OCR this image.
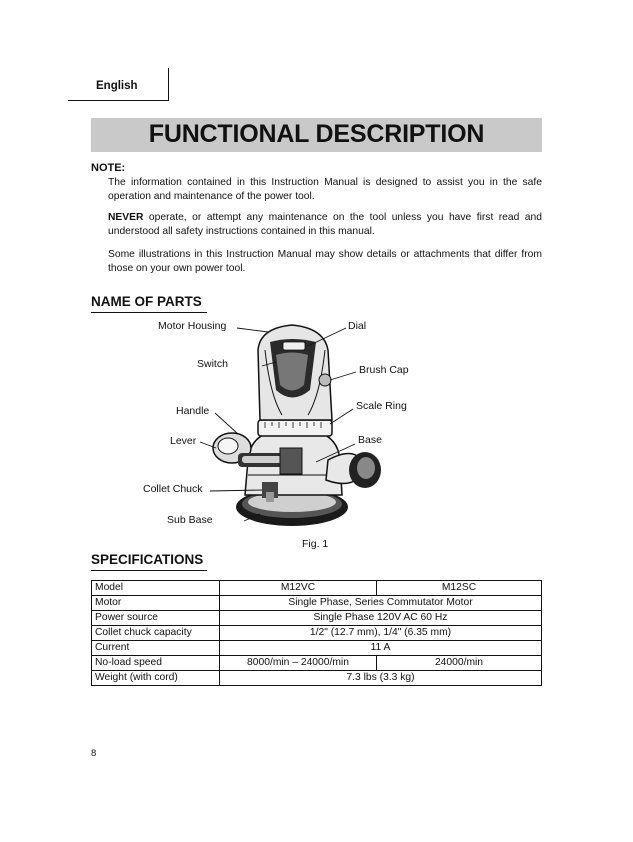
English
FUNCTIONAL DESCRIPTION
NOTE:
The information contained in this Instruction Manual is designed to assist you in the safe operation and maintenance of the power tool.
NEVER operate, or attempt any maintenance on the tool unless you have first read and understood all safety instructions contained in this manual.
Some illustrations in this Instruction Manual may show details or attachments that differ from those on your own power tool.
NAME OF PARTS
Motor Housing	Dial
Switch	Brush Cap
Handle	Scale Ring
Lever	Base
Collet Chuck
Sub Base
Fig. 1
SPECIFICATIONS
Model	M12VC	M12SC
Motor	Single Phase, Series Commutator Motor	
Power source	Single Phase 120V AC 60 Hz	
Collet chuck capacity	1/2" (12.7 mm), 1/4" (6.35 mm)	
Current	11 A	
No-load speed	8000/min – 24000/min	24000/min
Weight (with cord)	7.3 lbs (3.3 kg)	
8
